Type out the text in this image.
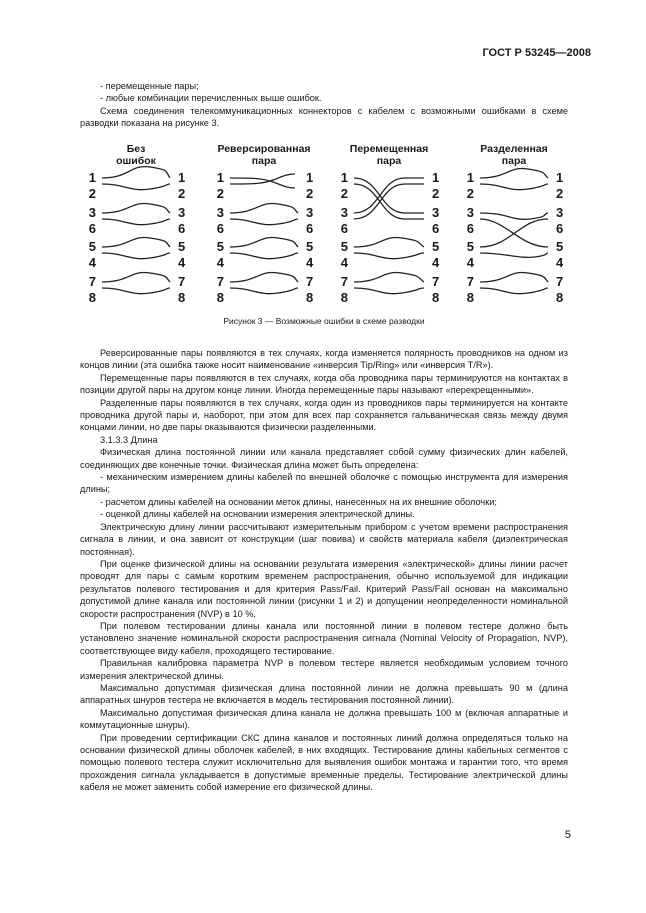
ГОСТ Р 53245—2008

- перемещенные пары;

- любые комбинации перечисленных выше ошибок.

Схема соединения телекоммуникационных коннекторов с кабелем с возможными ошибками в схеме разводки показана на рисунке 3.

Без
ошибок
1
2
3
6
5
4
7
8
1
2
3
6
5
4
7
8
Реверсированная
пара
1
2
3
6
5
4
7
8
1
2
3
6
5
4
7
8
Перемещенная
пара
1
2
3
6
5
4
7
8
1
2
3
6
5
4
7
8
Разделенная
пара
1
2
3
6
5
4
7
8
1
2
3
6
5
4
7
8
Рисунок 3 — Возможные ошибки в схеме разводки

Реверсированные пары появляются в тех случаях, когда изменяется полярность проводников на одном из концов линии (эта ошибка также носит наименование «инверсия Tip/Ring» или «инверсия T/R»).

Перемещенные пары появляются в тех случаях, когда оба проводника пары терминируются на контактах в позиции другой пары на другом конце линии. Иногда перемещенные пары называют «перекрещенными».

Разделенные пары появляются в тех случаях, когда один из проводников пары терминируется на контакте проводника другой пары и, наоборот, при этом для всех пар сохраняется гальваническая связь между двумя концами линии, но две пары оказываются физически разделенными.

3.1.3.3 Длина

Физическая длина постоянной линии или канала представляет собой сумму физических длин кабелей, соединяющих две конечные точки. Физическая длина может быть определена:

- механическим измерением длины кабелей по внешней оболочке с помощью инструмента для измерения длины;

- расчетом длины кабелей на основании меток длины, нанесенных на их внешние оболочки;

- оценкой длины кабелей на основании измерения электрической длины.

Электрическую длину линии рассчитывают измерительным прибором с учетом времени распространения сигнала в линии, и она зависит от конструкции (шаг повива) и свойств материала кабеля (диэлектрическая постоянная).

При оценке физической длины на основании результата измерения «электрической» длины линии расчет проводят для пары с самым коротким временем распространения, обычно используемой для индикации результатов полевого тестирования и для критерия Pass/Fail. Критерий Pass/Fail основан на максимально допустимой длине канала или постоянной линии (рисунки 1 и 2) и допущении неопределенности номинальной скорости распространения (NVP) в 10 %.

При полевом тестировании длины канала или постоянной линии в полевом тестере должно быть установлено значение номинальной скорости распространения сигнала (Nominal Velocity of Propagation, NVP), соответствующее виду кабеля, проходящего тестирование.

Правильная калибровка параметра NVP в полевом тестере является необходимым условием точного измерения электрической длины.

Максимально допустимая физическая длина постоянной линии не должна превышать 90 м (длина аппаратных шнуров тестера не включается в модель тестирования постоянной линии).

Максимально допустимая физическая длина канала не должна превышать 100 м (включая аппаратные и коммутационные шнуры).

При проведении сертификации СКС длина каналов и постоянных линий должна определяться только на основании физической длины оболочек кабелей, в них входящих. Тестирование длины кабельных сегментов с помощью полевого тестера служит исключительно для выявления ошибок монтажа и гарантии того, что время прохождения сигнала укладывается в допустимые временные пределы. Тестирование электрической длины кабеля не может заменить собой измерение его физической длины.

5
